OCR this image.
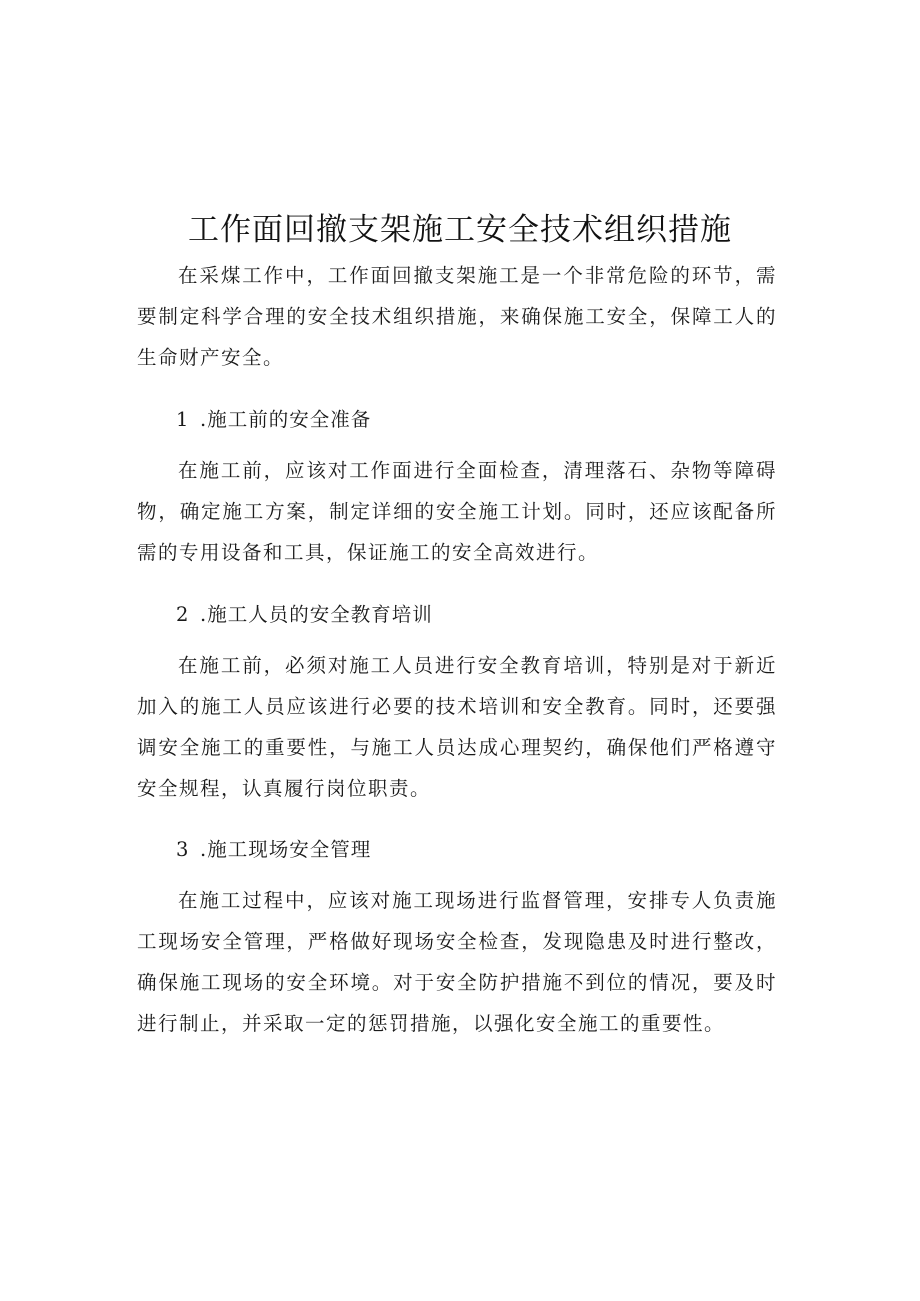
工作面回撤支架施工安全技术组织措施

在采煤工作中，工作面回撤支架施工是一个非常危险的环节，需要制定科学合理的安全技术组织措施，来确保施工安全，保障工人的生命财产安全。

1 .施工前的安全准备

在施工前，应该对工作面进行全面检查，清理落石、杂物等障碍物，确定施工方案，制定详细的安全施工计划。同时，还应该配备所需的专用设备和工具，保证施工的安全高效进行。

2 .施工人员的安全教育培训

在施工前，必须对施工人员进行安全教育培训，特别是对于新近加入的施工人员应该进行必要的技术培训和安全教育。同时，还要强调安全施工的重要性，与施工人员达成心理契约，确保他们严格遵守安全规程，认真履行岗位职责。

3 .施工现场安全管理

在施工过程中，应该对施工现场进行监督管理，安排专人负责施工现场安全管理，严格做好现场安全检查，发现隐患及时进行整改，确保施工现场的安全环境。对于安全防护措施不到位的情况，要及时进行制止，并采取一定的惩罚措施，以强化安全施工的重要性。
